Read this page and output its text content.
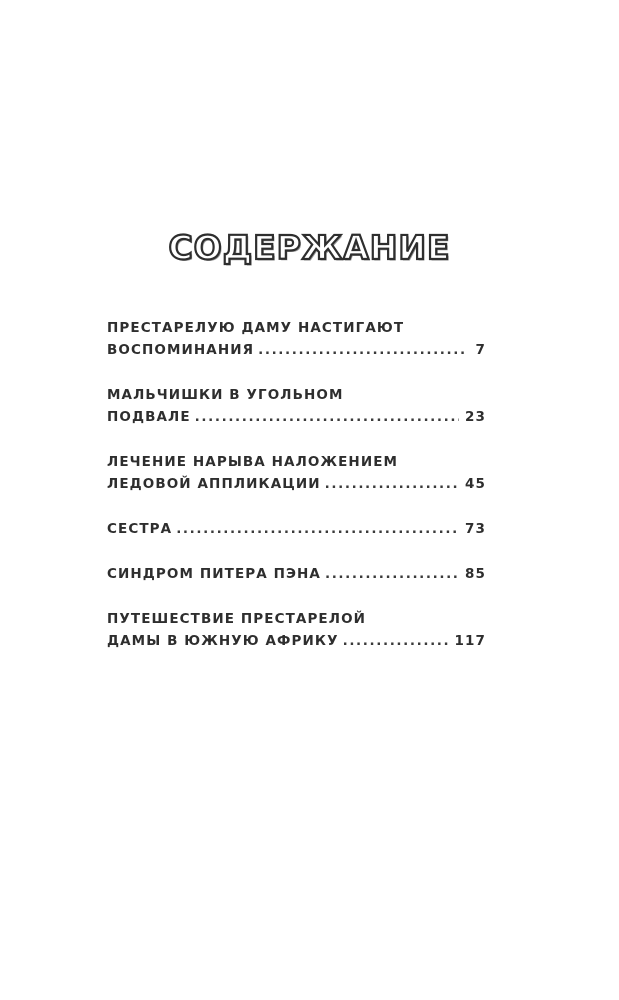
СОДЕРЖАНИЕ
ПРЕСТАРЕЛУЮ ДАМУ НАСТИГАЮТ
ВОСПОМИНАНИЯ .....	7
МАЛЬЧИШКИ В УГОЛЬНОМ
ПОДВАЛЕ .....	23
ЛЕЧЕНИЕ НАРЫВА НАЛОЖЕНИЕМ
ЛЕДОВОЙ АППЛИКАЦИИ .....	45
СЕСТРА .....	73
СИНДРОМ ПИТЕРА ПЭНА .....	85
ПУТЕШЕСТВИЕ ПРЕСТАРЕЛОЙ
ДАМЫ В ЮЖНУЮ АФРИКУ .....	117
